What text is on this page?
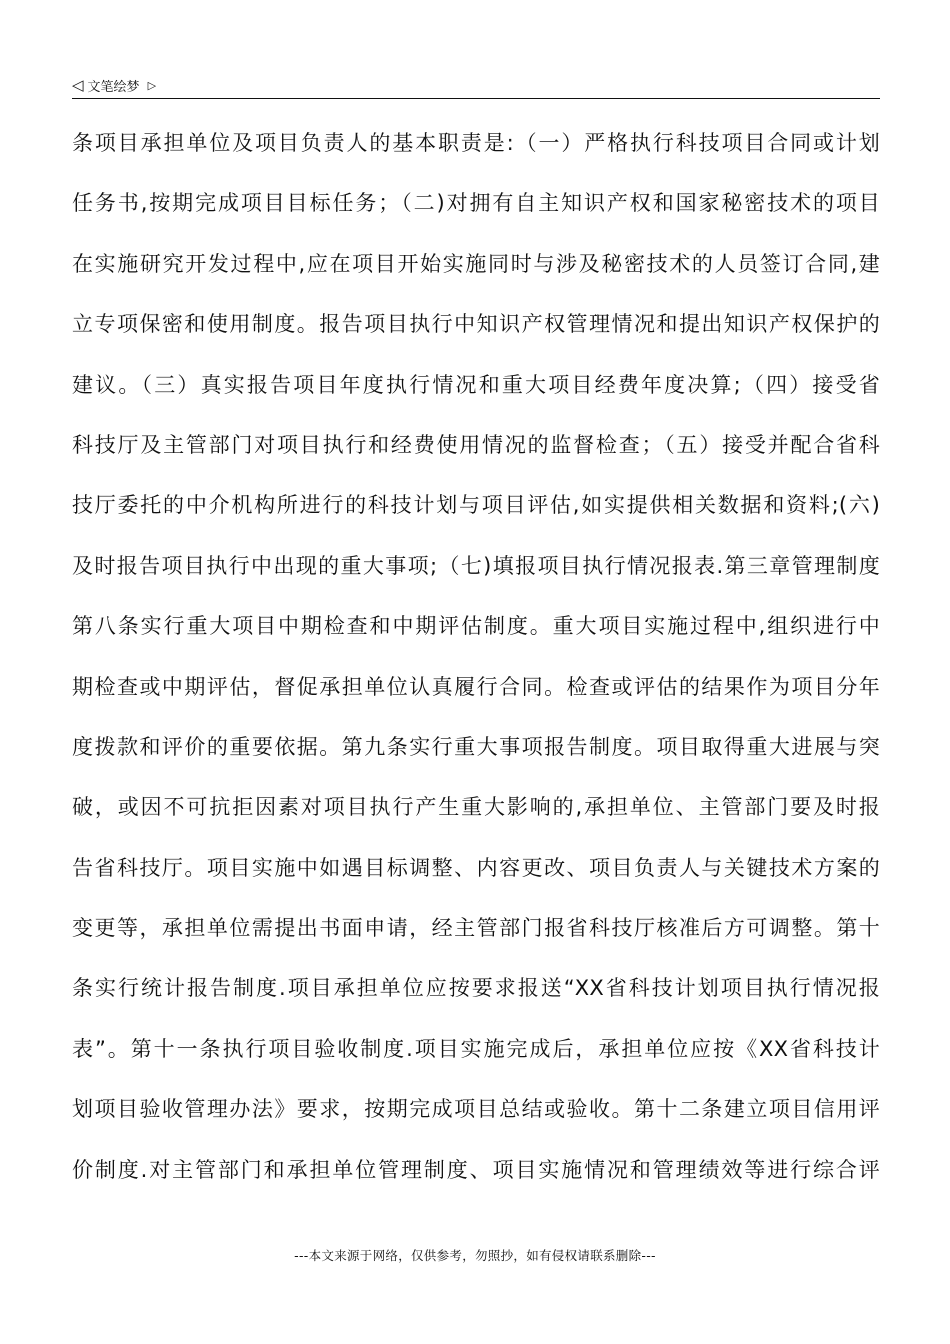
◁ 文笔绘梦 ▷
条项目承担单位及项目负责人的基本职责是:（一）严格执行科技项目合同或计划
任务书,按期完成项目目标任务；（二)对拥有自主知识产权和国家秘密技术的项目
在实施研究开发过程中,应在项目开始实施同时与涉及秘密技术的人员签订合同,建
立专项保密和使用制度。报告项目执行中知识产权管理情况和提出知识产权保护的
建议。（三）真实报告项目年度执行情况和重大项目经费年度决算;（四）接受省
科技厅及主管部门对项目执行和经费使用情况的监督检查；（五）接受并配合省科
技厅委托的中介机构所进行的科技计划与项目评估,如实提供相关数据和资料;(六)
及时报告项目执行中出现的重大事项;（七)填报项目执行情况报表.第三章管理制度
第八条实行重大项目中期检查和中期评估制度。重大项目实施过程中,组织进行中
期检查或中期评估，督促承担单位认真履行合同。检查或评估的结果作为项目分年
度拨款和评价的重要依据。第九条实行重大事项报告制度。项目取得重大进展与突
破，或因不可抗拒因素对项目执行产生重大影响的,承担单位、主管部门要及时报
告省科技厅。项目实施中如遇目标调整、内容更改、项目负责人与关键技术方案的
变更等，承担单位需提出书面申请，经主管部门报省科技厅核准后方可调整。第十
条实行统计报告制度.项目承担单位应按要求报送“XX省科技计划项目执行情况报
表”。第十一条执行项目验收制度.项目实施完成后，承担单位应按《XX省科技计
划项目验收管理办法》要求，按期完成项目总结或验收。第十二条建立项目信用评
价制度.对主管部门和承担单位管理制度、项目实施情况和管理绩效等进行综合评
---本文来源于网络，仅供参考，勿照抄，如有侵权请联系删除---
